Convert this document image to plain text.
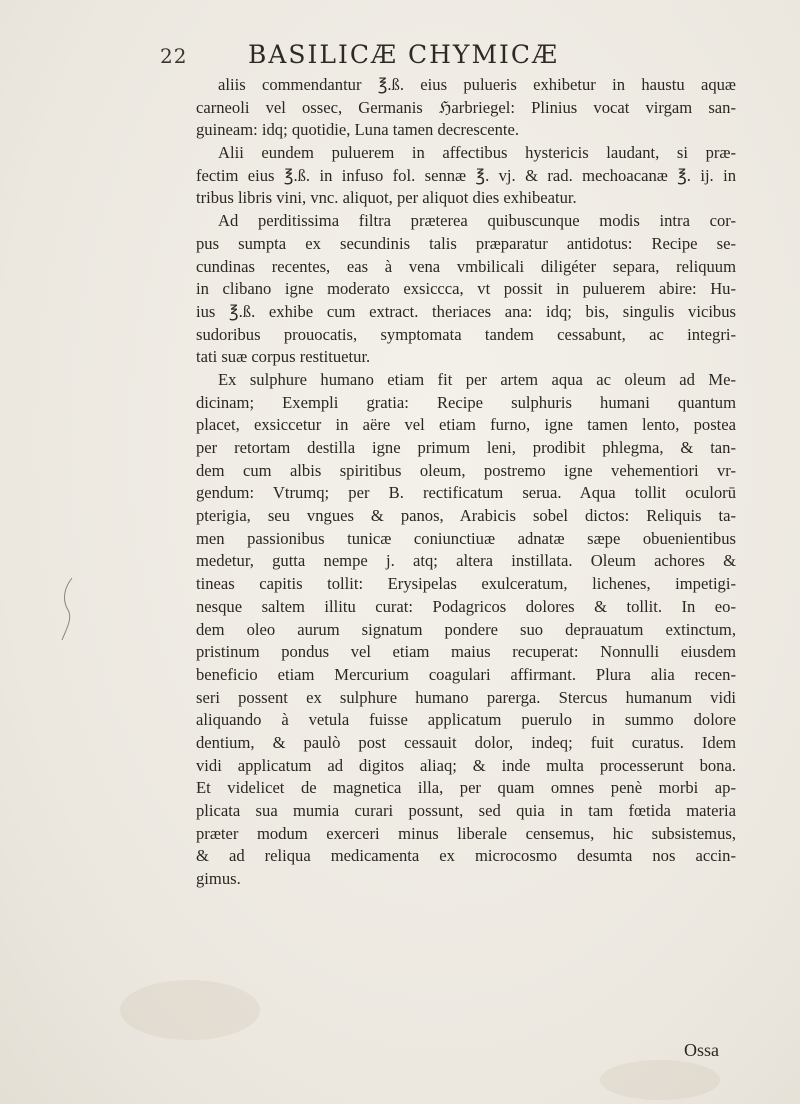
22 BASILICÆ CHYMICÆ
aliis commendantur ℥.ß. eius pulueris exhibetur in haustu aquæ
carneoli vel ossec, Germanis ℌarbriegel: Plinius vocat virgam san-
guineam: idq; quotidie, Luna tamen decrescente.
Alii eundem puluerem in affectibus hystericis laudant, si præ-
fectim eius ℥.ß. in infuso fol. sennæ ℥. vj. & rad. mechoacanæ ℥. ij. in
tribus libris vini, vnc. aliquot, per aliquot dies exhibeatur.
Ad perditissima filtra præterea quibuscunque modis intra cor-
pus sumpta ex secundinis talis præparatur antidotus: Recipe se-
cundinas recentes, eas à vena vmbilicali diligéter separa, reliquum
in clibano igne moderato exsiccca, vt possit in puluerem abire: Hu-
ius ℥.ß. exhibe cum extract. theriaces ana: idq; bis, singulis vicibus
sudoribus prouocatis, symptomata tandem cessabunt, ac integri-
tati suæ corpus restituetur.
Ex sulphure humano etiam fit per artem aqua ac oleum ad Me-
dicinam; Exempli gratia: Recipe sulphuris humani quantum
placet, exsiccetur in aëre vel etiam furno, igne tamen lento, postea
per retortam destilla igne primum leni, prodibit phlegma, & tan-
dem cum albis spiritibus oleum, postremo igne vehementiori vr-
gendum: Vtrumq; per B. rectificatum serua. Aqua tollit oculorū
pterigia, seu vngues & panos, Arabicis sobel dictos: Reliquis ta-
men passionibus tunicæ coniunctiuæ adnatæ sæpe obuenientibus
medetur, gutta nempe j. atq; altera instillata. Oleum achores &
tineas capitis tollit: Erysipelas exulceratum, lichenes, impetigi-
nesque saltem illitu curat: Podagricos dolores & tollit. In eo-
dem oleo aurum signatum pondere suo deprauatum extinctum,
pristinum pondus vel etiam maius recuperat: Nonnulli eiusdem
beneficio etiam Mercurium coagulari affirmant. Plura alia recen-
seri possent ex sulphure humano parerga. Stercus humanum vidi
aliquando à vetula fuisse applicatum puerulo in summo dolore
dentium, & paulò post cessauit dolor, indeq; fuit curatus. Idem
vidi applicatum ad digitos aliaq; & inde multa processerunt bona.
Et videlicet de magnetica illa, per quam omnes penè morbi ap-
plicata sua mumia curari possunt, sed quia in tam fœtida materia
præter modum exerceri minus liberale censemus, hic subsistemus,
& ad reliqua medicamenta ex microcosmo desumta nos accin-
gimus.
Ossa
